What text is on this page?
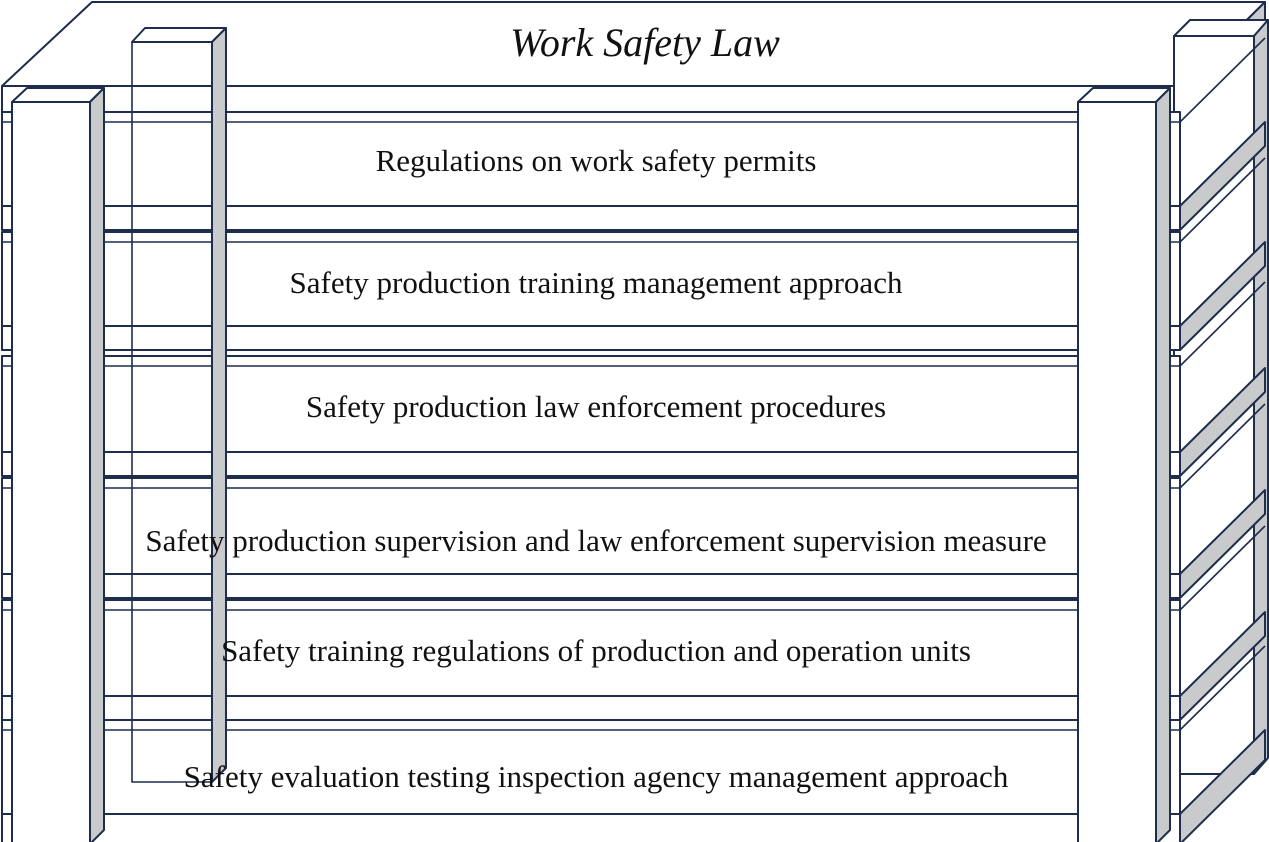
Work Safety Law
Regulations on work safety permits
Safety production training management approach
Safety production law enforcement procedures
Safety production supervision and law enforcement supervision measure
Safety training regulations of production and operation units
Safety evaluation testing inspection agency management approach
